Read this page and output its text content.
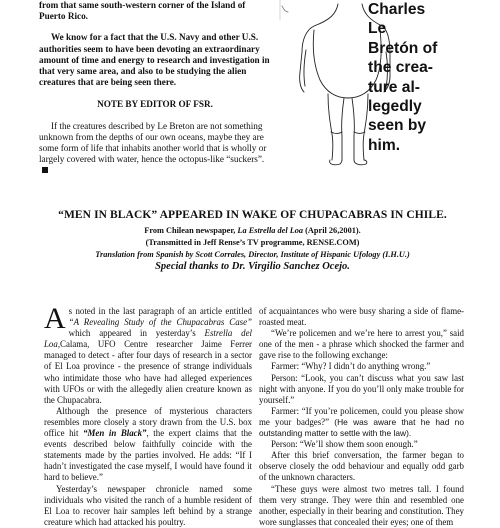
from that same south-western corner of the Island of Puerto Rico.

We know for a fact that the U.S. Navy and other U.S. authorities seem to have been devoting an extraordinary amount of time and energy to research and investigation in that very same area, and also to be studying the alien creatures that are being seen there.

NOTE BY EDITOR OF FSR.

If the creatures described by Le Breton are not something unknown from the depths of our own oceans, maybe they are some form of life that inhabits another world that is wholly or largely covered with water, hence the octopus-like “suckers”.

Charles
Le
Bretón of
the crea-
ture al-
legedly
seen by
him.
“MEN IN BLACK” APPEARED IN WAKE OF CHUPACABRAS IN CHILE.
From Chilean newspaper, La Estrella del Loa (April 26,2001).
(Transmitted in Jeff Rense’s TV programme, RENSE.COM)
Translation from Spanish by Scott Corrales, Director, Institute of Hispanic Ufology (I.H.U.)
Special thanks to Dr. Virgilio Sanchez Ocejo.

As noted in the last paragraph of an article entitled “A Revealing Study of the Chupacabras Case” which appeared in yesterday’s Estrella del Loa,Calama, UFO Centre researcher Jaime Ferrer managed to detect - after four days of research in a sector of El Loa province - the presence of strange individuals who intimidate those who have had alleged experiences with UFOs or with the allegedly alien creature known as the Chupacabra.

Although the presence of mysterious characters resembles more closely a story drawn from the U.S. box office hit “Men in Black”, the expert claims that the events described below faithfully coincide with the statements made by the parties involved. He adds: “If I hadn’t investigated the case myself, I would have found it hard to believe.”

Yesterday’s newspaper chronicle named some individuals who visited the ranch of a humble resident of El Loa to recover hair samples left behind by a strange creature which had attacked his poultry.

of acquaintances who were busy sharing a side of flame-roasted meat.

“We’re policemen and we’re here to arrest you,” said one of the men - a phrase which shocked the farmer and gave rise to the following exchange:

Farmer: “Why? I didn’t do anything wrong.”

Person: “Look, you can’t discuss what you saw last night with anyone. If you do you’ll only make trouble for yourself.”

Farmer: “If you’re policemen, could you please show me your badges?” (He was aware that he had no outstanding matter to settle with the law).

Person: “We’ll show them soon enough.”

After this brief conversation, the farmer began to observe closely the odd behaviour and equally odd garb of the unknown characters.

“These guys were almost two metres tall. I found them very strange. They were thin and resembled one another, especially in their bearing and constitution. They wore sunglasses that concealed their eyes; one of them
